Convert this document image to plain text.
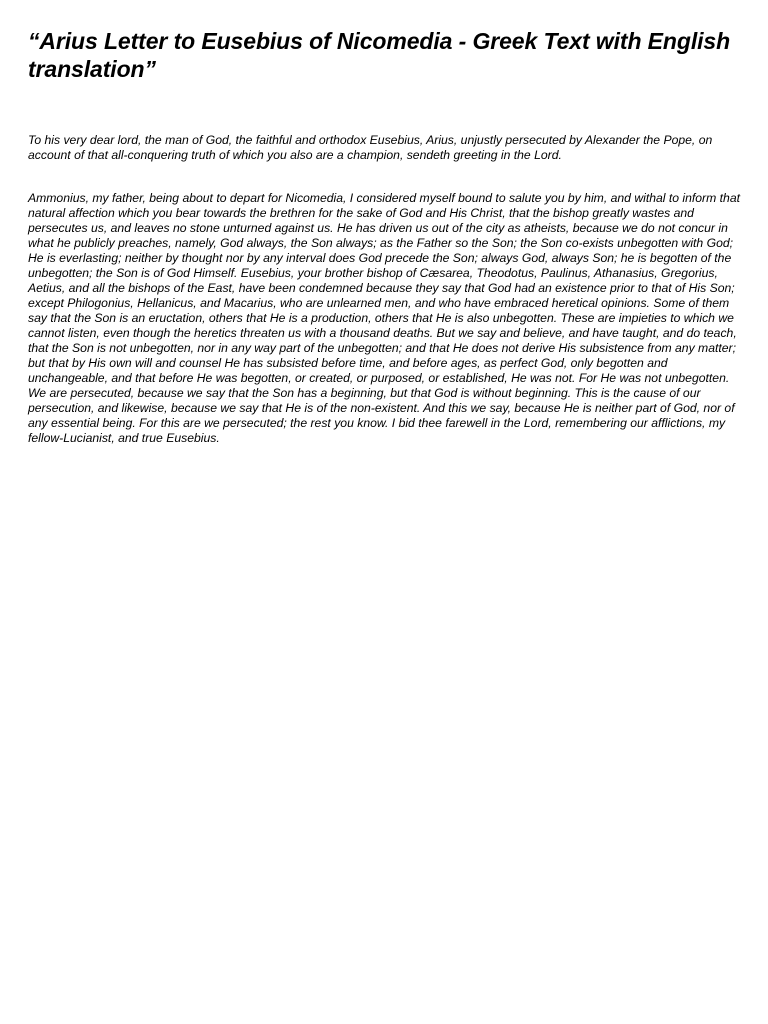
“Arius Letter to Eusebius of Nicomedia - Greek Text with English translation”

To his very dear lord, the man of God, the faithful and orthodox Eusebius, Arius, unjustly persecuted by Alexander the Pope, on account of that all-conquering truth of which you also are a champion, sendeth greeting in the Lord.

Ammonius, my father, being about to depart for Nicomedia, I considered myself bound to salute you by him, and withal to inform that natural affection which you bear towards the brethren for the sake of God and His Christ, that the bishop greatly wastes and persecutes us, and leaves no stone unturned against us. He has driven us out of the city as atheists, because we do not concur in what he publicly preaches, namely, God always, the Son always; as the Father so the Son; the Son co-exists unbegotten with God; He is everlasting; neither by thought nor by any interval does God precede the Son; always God, always Son; he is begotten of the unbegotten; the Son is of God Himself. Eusebius, your brother bishop of Cæsarea, Theodotus, Paulinus, Athanasius, Gregorius, Aetius, and all the bishops of the East, have been condemned because they say that God had an existence prior to that of His Son; except Philogonius, Hellanicus, and Macarius, who are unlearned men, and who have embraced heretical opinions. Some of them say that the Son is an eructation, others that He is a production, others that He is also unbegotten. These are impieties to which we cannot listen, even though the heretics threaten us with a thousand deaths. But we say and believe, and have taught, and do teach, that the Son is not unbegotten, nor in any way part of the unbegotten; and that He does not derive His subsistence from any matter; but that by His own will and counsel He has subsisted before time, and before ages, as perfect God, only begotten and unchangeable, and that before He was begotten, or created, or purposed, or established, He was not. For He was not unbegotten. We are persecuted, because we say that the Son has a beginning, but that God is without beginning. This is the cause of our persecution, and likewise, because we say that He is of the non-existent. And this we say, because He is neither part of God, nor of any essential being. For this are we persecuted; the rest you know. I bid thee farewell in the Lord, remembering our afflictions, my fellow-Lucianist, and true Eusebius.
